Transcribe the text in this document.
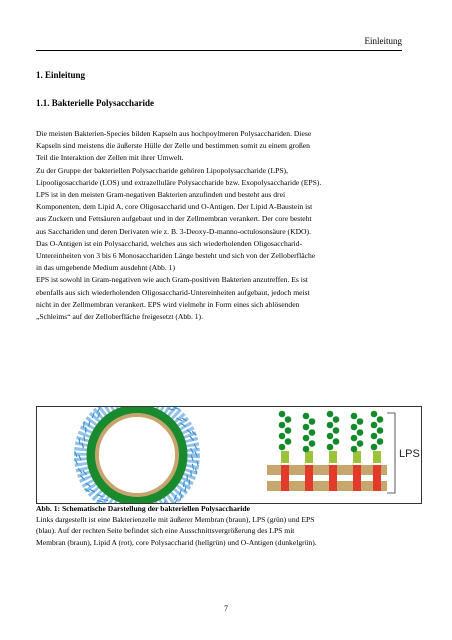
Einleitung
1. Einleitung
1.1. Bakterielle Polysaccharide

Die meisten Bakterien-Species bilden Kapseln aus hochpoylmeren Polysacchariden. Diese
Kapseln sind meistens die äußerste Hülle der Zelle und bestimmen somit zu einem großen
Teil die Interaktion der Zellen mit ihrer Umwelt.
Zu der Gruppe der bakteriellen Polysaccharide gehören Lipopolysaccharide (LPS),
Lipooligosaccharide (LOS) und extrazelluläre Polysaccharide bzw. Exopolysaccharide (EPS).
LPS ist in den meisten Gram-negativen Bakterien anzufinden und besteht aus drei
Komponenten, dem Lipid A, core Oligosaccharid und O-Antigen. Der Lipid A-Baustein ist
aus Zuckern und Fettsäuren aufgebaut und in der Zellmembran verankert. Der core besteht
aus Sacchariden und deren Derivaten wie z. B. 3-Deoxy-D-manno-octulosonsäure (KDO).
Das O-Antigen ist ein Polysaccharid, welches aus sich wiederholenden Oligosaccharid-
Untereinheiten von 3 bis 6 Monosacchariden Länge besteht und sich von der Zelloberfläche
in das umgebende Medium ausdehnt (Abb. 1)
EPS ist sowohl in Gram-negativen wie auch Gram-positiven Bakterien anzutreffen. Es ist
ebenfalls aus sich wiederholenden Oligosaccharid-Untereinheiten aufgebaut, jedoch meist
nicht in der Zellmembran verankert. EPS wird vielmehr in Form eines sich ablösenden
„Schleims“ auf der Zelloberfläche freigesetzt (Abb. 1).

LPS

Abb. 1: Schematische Darstellung der bakteriellen Polysaccharide
Links dargestellt ist eine Bakterienzelle mit äußerer Membran (braun), LPS (grün) und EPS
(blau). Auf der rechten Seite befindet sich eine Ausschnittsvergrößerung des LPS mit
Membran (braun), Lipid A (rot), core Polysaccharid (hellgrün) und O-Antigen (dunkelgrün).

7
